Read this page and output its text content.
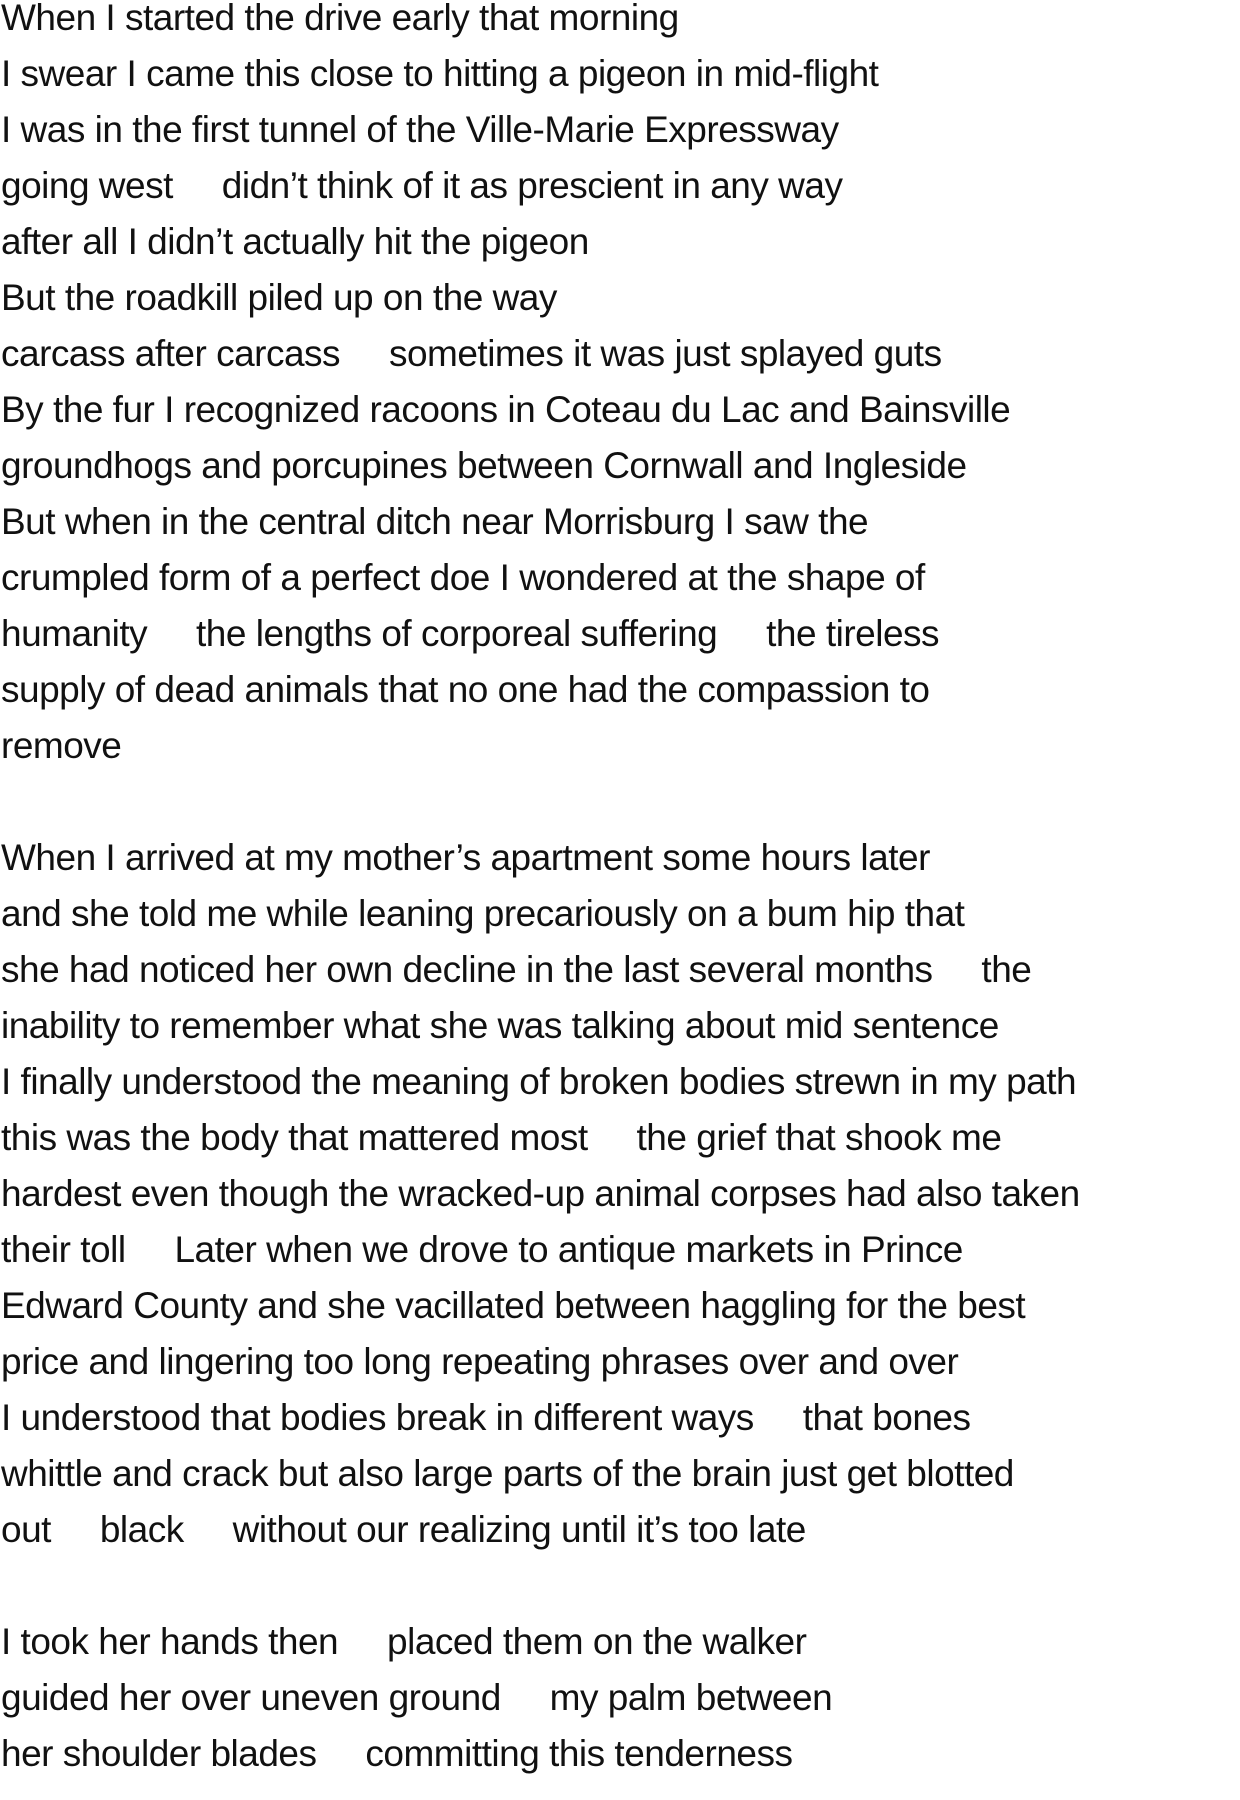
When I started the drive early that morning
I swear I came this close to hitting a pigeon in mid-flight
I was in the first tunnel of the Ville-Marie Expressway
going west     didn’t think of it as prescient in any way
after all I didn’t actually hit the pigeon
But the roadkill piled up on the way
carcass after carcass     sometimes it was just splayed guts
By the fur I recognized racoons in Coteau du Lac and Bainsville
groundhogs and porcupines between Cornwall and Ingleside
But when in the central ditch near Morrisburg I saw the
crumpled form of a perfect doe I wondered at the shape of
humanity     the lengths of corporeal suffering     the tireless
supply of dead animals that no one had the compassion to
remove
When I arrived at my mother’s apartment some hours later
and she told me while leaning precariously on a bum hip that
she had noticed her own decline in the last several months     the
inability to remember what she was talking about mid sentence
I finally understood the meaning of broken bodies strewn in my path
this was the body that mattered most     the grief that shook me
hardest even though the wracked-up animal corpses had also taken
their toll     Later when we drove to antique markets in Prince
Edward County and she vacillated between haggling for the best
price and lingering too long repeating phrases over and over
I understood that bodies break in different ways     that bones
whittle and crack but also large parts of the brain just get blotted
out     black     without our realizing until it’s too late
I took her hands then     placed them on the walker
guided her over uneven ground     my palm between
her shoulder blades     committing this tenderness
